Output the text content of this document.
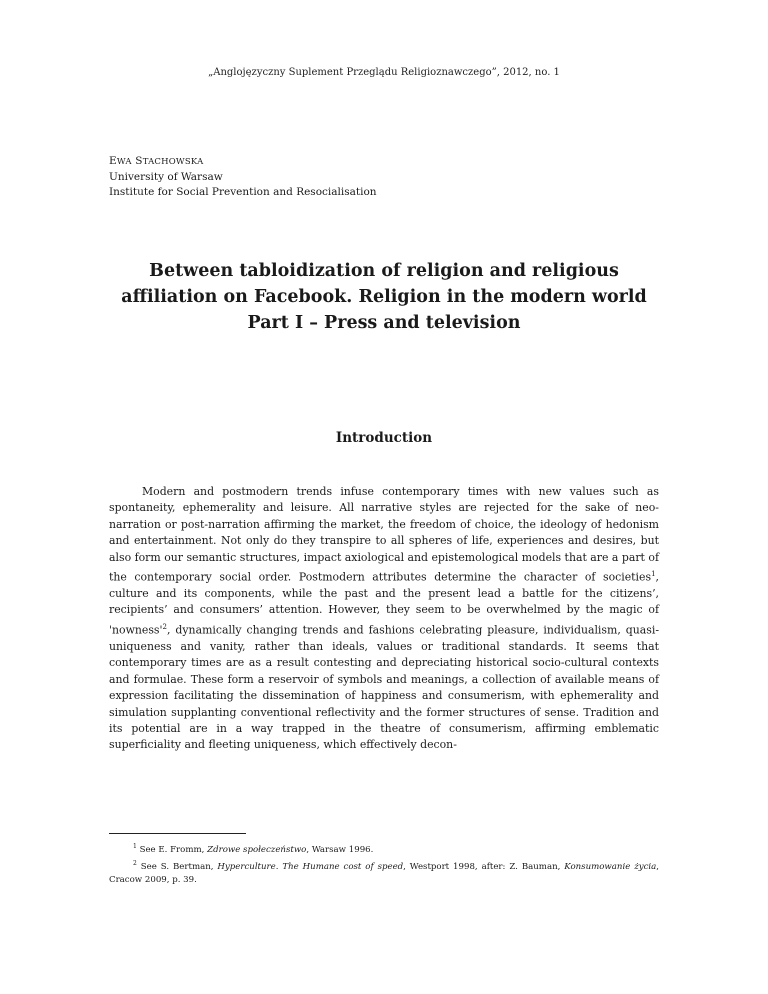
„Anglojęzyczny Suplement Przeglądu Religioznawczego”, 2012, no. 1
EWA STACHOWSKA
University of Warsaw
Institute for Social Prevention and Resocialisation
Between tabloidization of religion and religious
affiliation on Facebook. Religion in the modern world
Part I – Press and television
Introduction

Modern and postmodern trends infuse contemporary times with new values such as spontaneity, ephemerality and leisure. All narrative styles are rejected for the sake of neo-narration or post-narration affirming the market, the freedom of choice, the ideology of hedonism and entertainment. Not only do they transpire to all spheres of life, experiences and desires, but also form our semantic structures, impact axiological and epistemological models that are a part of the contemporary social order. Postmodern attributes determine the character of societies$^1$, culture and its components, while the past and the present lead a battle for the citizens’, recipients’ and consumers’ attention. However, they seem to be overwhelmed by the magic of '$nowness'^2$, dynamically changing trends and fashions celebrating pleasure, individualism, quasi-uniqueness and vanity, rather than ideals, values or traditional standards. It seems that contemporary times are as a result contesting and depreciating historical socio-cultural contexts and formulae. These form a reservoir of symbols and meanings, a collection of available means of expression facilitating the dissemination of happiness and consumerism, with ephemerality and simulation supplanting conventional reflectivity and the former structures of sense. Tradition and its potential are in a way trapped in the theatre of consumerism, affirming emblematic superficiality and fleeting uniqueness, which effectively decon-

$^1$ See E. Fromm, Zdrowe społeczeństwo, Warsaw 1996.

$^2$ See S. Bertman, Hyperculture. The Humane cost of speed, Westport 1998, after: Z. Bauman, Konsumowanie życia, Cracow 2009, p. 39.
